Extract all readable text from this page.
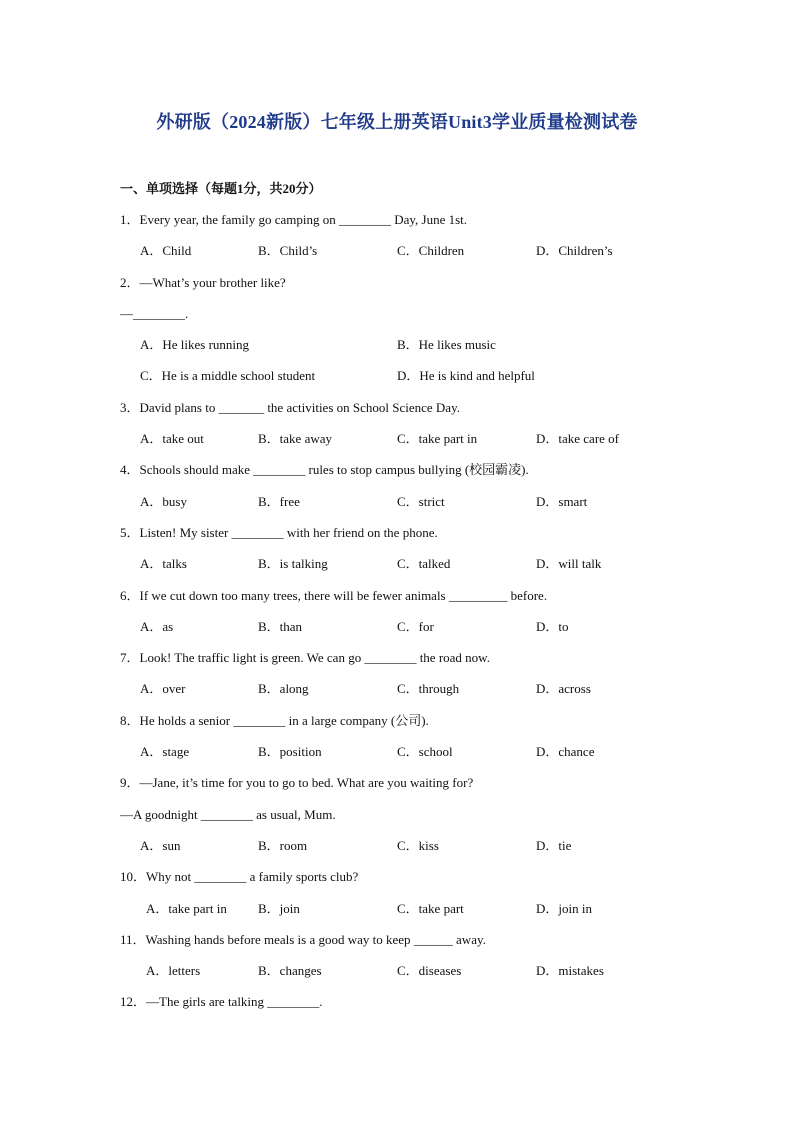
外研版（2024新版）七年级上册英语Unit3学业质量检测试卷
一、单项选择（每题1分，共20分）
1．Every year, the family go camping on ________ Day, June 1st.
A．Child	B．Child’s	C．Children	D．Children’s
2．—What’s your brother like?
—________.
A．He likes running	B．He likes music
C．He is a middle school student	D．He is kind and helpful
3．David plans to _______ the activities on School Science Day.
A．take out	B．take away	C．take part in	D．take care of
4．Schools should make ________ rules to stop campus bullying (校园霸凌).
A．busy	B．free	C．strict	D．smart
5．Listen! My sister ________ with her friend on the phone.
A．talks	B．is talking	C．talked	D．will talk
6．If we cut down too many trees, there will be fewer animals _________ before.
A．as	B．than	C．for	D．to
7．Look! The traffic light is green. We can go ________ the road now.
A．over	B．along	C．through	D．across
8．He holds a senior ________ in a large company (公司).
A．stage	B．position	C．school	D．chance
9．—Jane, it’s time for you to go to bed. What are you waiting for?
—A goodnight ________ as usual, Mum.
A．sun	B．room	C．kiss	D．tie
10．Why not ________ a family sports club?
A．take part in B．join	C．take part	D．join in
11．Washing hands before meals is a good way to keep ______ away.
A．letters	B．changes	C．diseases	D．mistakes
12．—The girls are talking ________.
